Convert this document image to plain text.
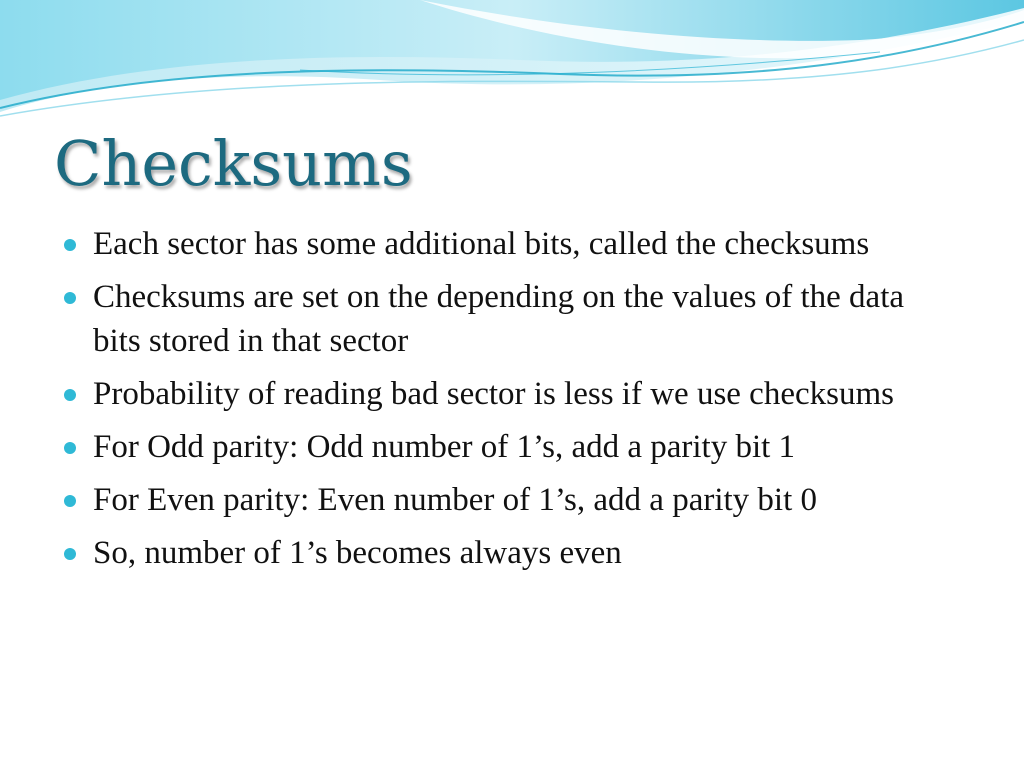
Checksums
Each sector has some additional bits, called the checksums
Checksums are set on the depending on the values of the data bits stored in that sector
Probability of reading bad sector is less if we use checksums
For Odd parity: Odd number of 1’s, add a parity bit 1
For Even parity: Even number of 1’s, add a parity bit 0
So, number of 1’s becomes always even
